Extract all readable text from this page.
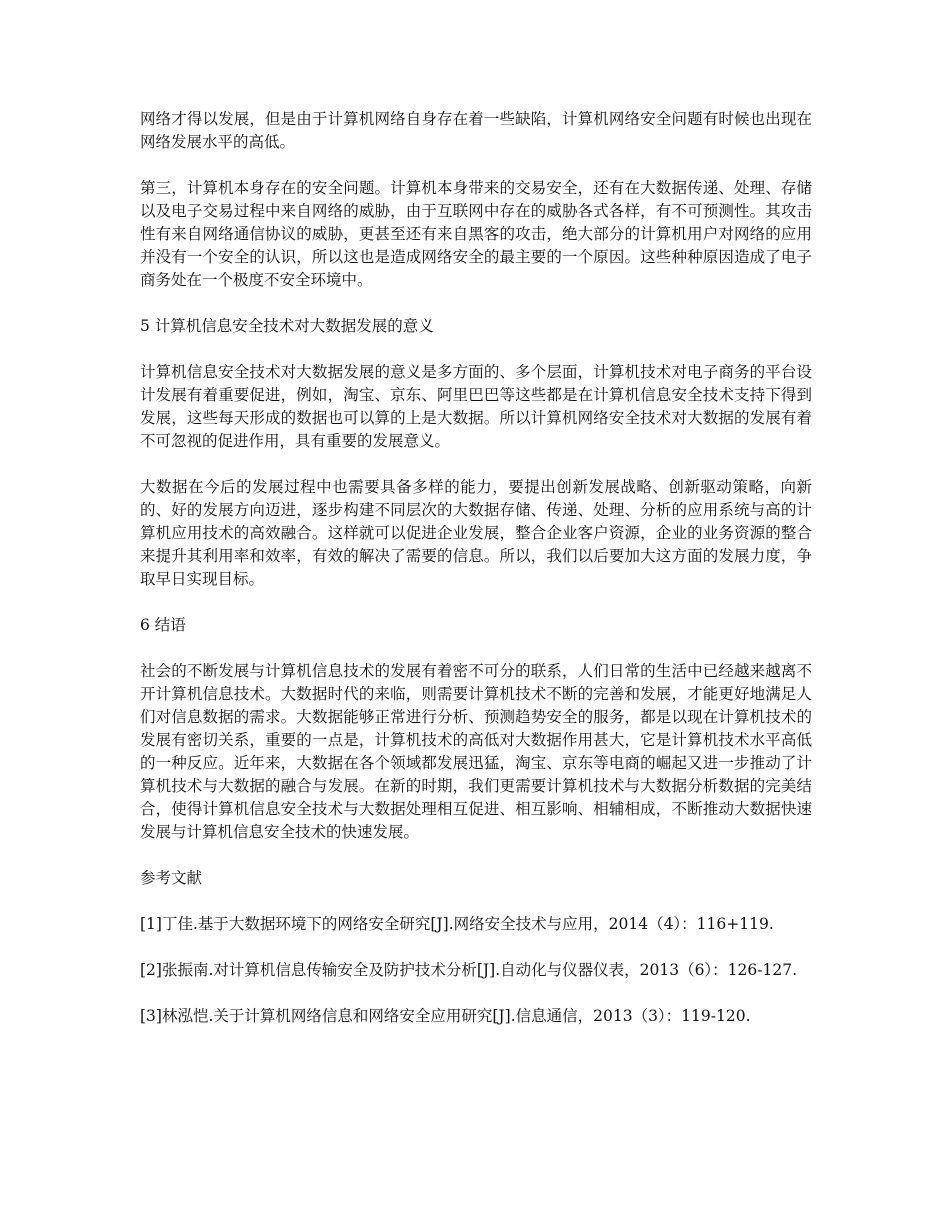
网络才得以发展，但是由于计算机网络自身存在着一些缺陷，计算机网络安全问题有时候也出现在网络发展水平的高低。

第三，计算机本身存在的安全问题。计算机本身带来的交易安全，还有在大数据传递、处理、存储以及电子交易过程中来自网络的威胁，由于互联网中存在的威胁各式各样，有不可预测性。其攻击性有来自网络通信协议的威胁，更甚至还有来自黑客的攻击，绝大部分的计算机用户对网络的应用并没有一个安全的认识，所以这也是造成网络安全的最主要的一个原因。这些种种原因造成了电子商务处在一个极度不安全环境中。

5 计算机信息安全技术对大数据发展的意义

计算机信息安全技术对大数据发展的意义是多方面的、多个层面，计算机技术对电子商务的平台设计发展有着重要促进，例如，淘宝、京东、阿里巴巴等这些都是在计算机信息安全技术支持下得到发展，这些每天形成的数据也可以算的上是大数据。所以计算机网络安全技术对大数据的发展有着不可忽视的促进作用，具有重要的发展意义。

大数据在今后的发展过程中也需要具备多样的能力，要提出创新发展战略、创新驱动策略，向新的、好的发展方向迈进，逐步构建不同层次的大数据存储、传递、处理、分析的应用系统与高的计算机应用技术的高效融合。这样就可以促进企业发展，整合企业客户资源，企业的业务资源的整合来提升其利用率和效率，有效的解决了需要的信息。所以，我们以后要加大这方面的发展力度，争取早日实现目标。

6 结语

社会的不断发展与计算机信息技术的发展有着密不可分的联系，人们日常的生活中已经越来越离不开计算机信息技术。大数据时代的来临，则需要计算机技术不断的完善和发展，才能更好地满足人们对信息数据的需求。大数据能够正常进行分析、预测趋势安全的服务，都是以现在计算机技术的发展有密切关系，重要的一点是，计算机技术的高低对大数据作用甚大，它是计算机技术水平高低的一种反应。近年来，大数据在各个领域都发展迅猛，淘宝、京东等电商的崛起又进一步推动了计算机技术与大数据的融合与发展。在新的时期，我们更需要计算机技术与大数据分析数据的完美结合，使得计算机信息安全技术与大数据处理相互促进、相互影响、相辅相成，不断推动大数据快速发展与计算机信息安全技术的快速发展。

参考文献

[1]丁佳.基于大数据环境下的网络安全研究[J].网络安全技术与应用，2014（4）：116+119.

[2]张振南.对计算机信息传输安全及防护技术分析[J].自动化与仪器仪表，2013（6）：126-127.

[3]林泓恺.关于计算机网络信息和网络安全应用研究[J].信息通信，2013（3）：119-120.
